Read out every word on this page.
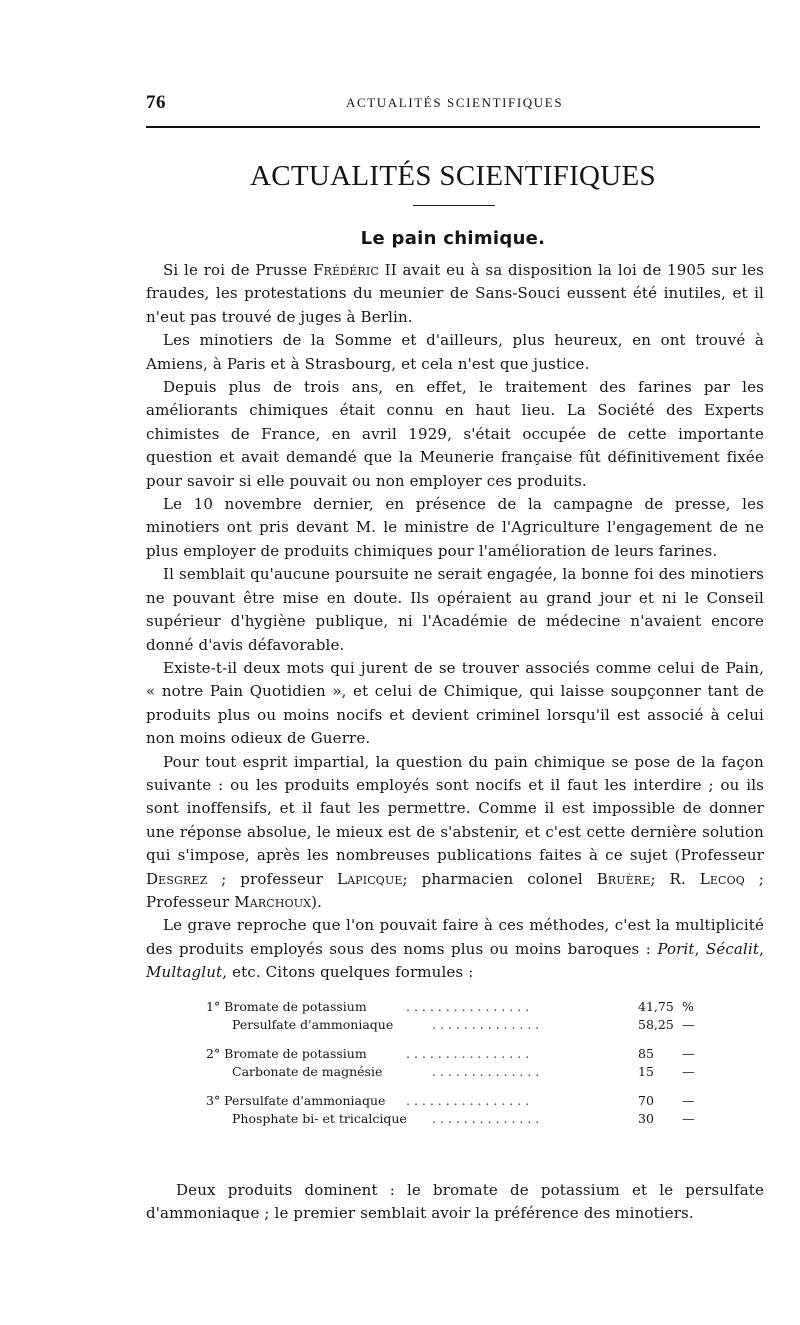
76	ACTUALITÉS SCIENTIFIQUES
ACTUALITÉS SCIENTIFIQUES
Le pain chimique.

Si le roi de Prusse Frédéric II avait eu à sa disposition la loi de 1905 sur les fraudes, les protestations du meunier de Sans-Souci eussent été inutiles, et il n'eut pas trouvé de juges à Berlin.

Les minotiers de la Somme et d'ailleurs, plus heureux, en ont trouvé à Amiens, à Paris et à Strasbourg, et cela n'est que justice.

Depuis plus de trois ans, en effet, le traitement des farines par les améliorants chimiques était connu en haut lieu. La Société des Experts chimistes de France, en avril 1929, s'était occupée de cette importante question et avait demandé que la Meunerie française fût définitivement fixée pour savoir si elle pouvait ou non employer ces produits.

Le 10 novembre dernier, en présence de la campagne de presse, les minotiers ont pris devant M. le ministre de l'Agriculture l'engagement de ne plus employer de produits chimiques pour l'amélioration de leurs farines.

Il semblait qu'aucune poursuite ne serait engagée, la bonne foi des minotiers ne pouvant être mise en doute. Ils opéraient au grand jour et ni le Conseil supérieur d'hygiène publique, ni l'Académie de médecine n'avaient encore donné d'avis défavorable.

Existe-t-il deux mots qui jurent de se trouver associés comme celui de Pain, « notre Pain Quotidien », et celui de Chimique, qui laisse soupçonner tant de produits plus ou moins nocifs et devient criminel lorsqu'il est associé à celui non moins odieux de Guerre.

Pour tout esprit impartial, la question du pain chimique se pose de la façon suivante : ou les produits employés sont nocifs et il faut les interdire ; ou ils sont inoffensifs, et il faut les permettre. Comme il est impossible de donner une réponse absolue, le mieux est de s'abstenir, et c'est cette dernière solution qui s'impose, après les nombreuses publications faites à ce sujet (Professeur Desgrez ; professeur Lapicque; pharmacien colonel Bruère; R. Lecoq ; Professeur Marchoux).

Le grave reproche que l'on pouvait faire à ces méthodes, c'est la multiplicité des produits employés sous des noms plus ou moins baroques : Porit, Sécalit, Multaglut, etc. Citons quelques formules :

1° Bromate de potassium	. . . . . . . . . . . . . . . .	41,75 %
Persulfate d'ammoniaque	. . . . . . . . . . . . . .	58,25 —
2° Bromate de potassium	. . . . . . . . . . . . . . . .	85 —
Carbonate de magnésie	. . . . . . . . . . . . . .	15 —
3° Persulfate d'ammoniaque . . . . . . . . . . . . . . . .	70 —
Phosphate bi- et tricalcique . . . . . . . . . . . . . .	30 —

Deux produits dominent : le bromate de potassium et le persulfate d'ammoniaque ; le premier semblait avoir la préférence des minotiers.
